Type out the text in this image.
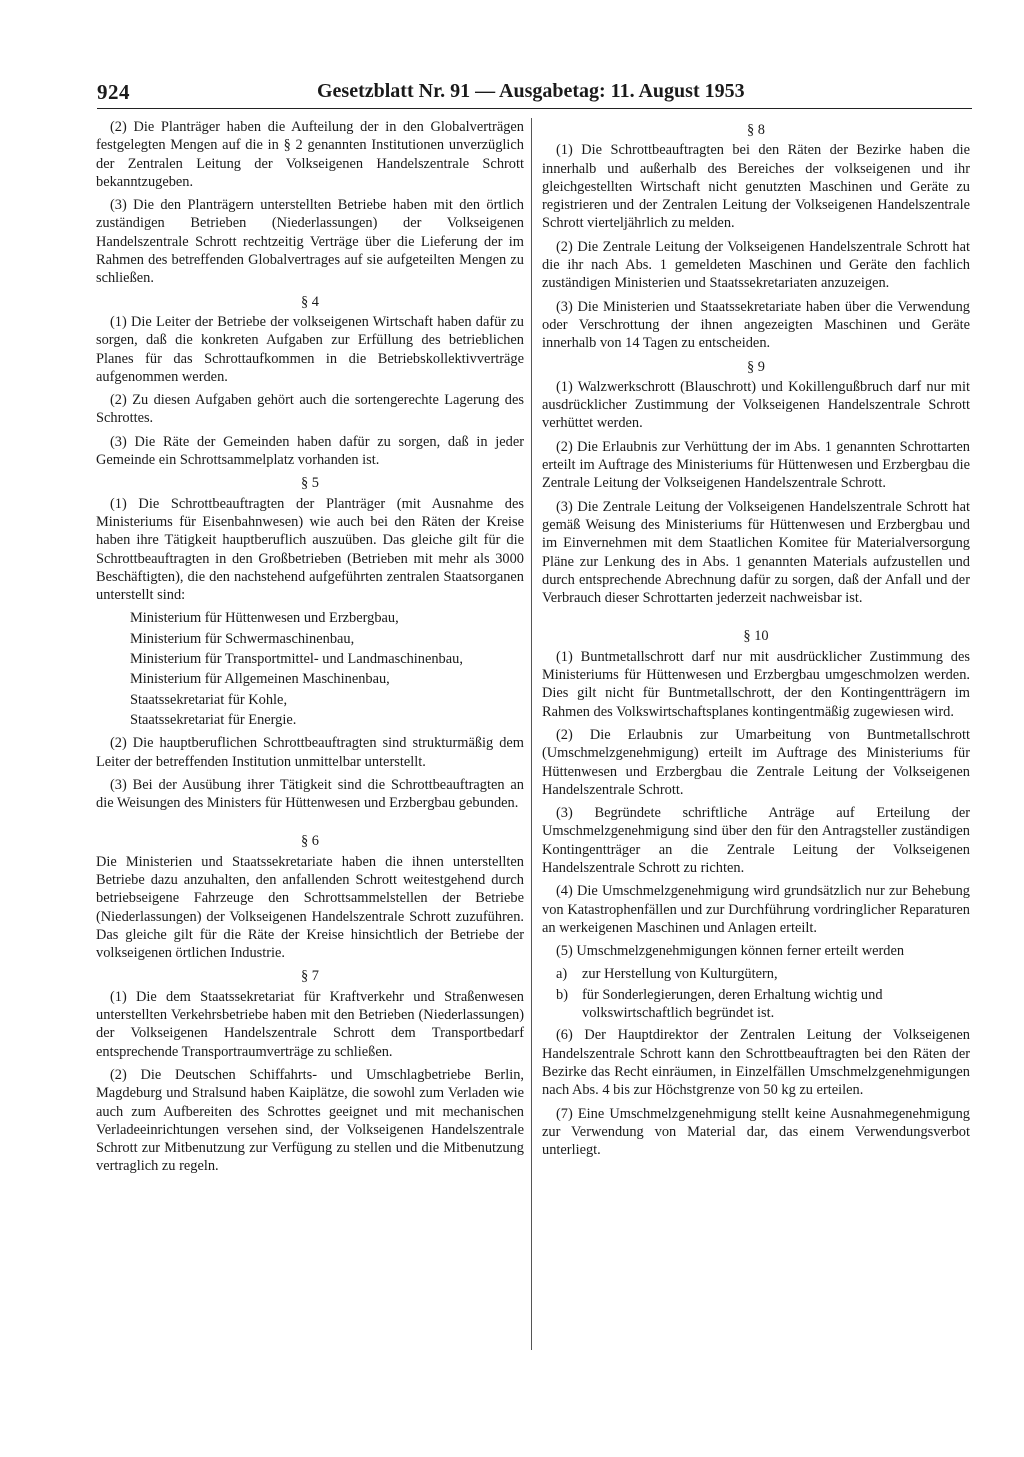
924	Gesetzblatt Nr. 91 — Ausgabetag: 11. August 1953

(2) Die Planträger haben die Aufteilung der in den Globalverträgen festgelegten Mengen auf die in § 2 genannten Institutionen unverzüglich der Zentralen Leitung der Volkseigenen Handelszentrale Schrott bekanntzugeben.

(3) Die den Planträgern unterstellten Betriebe haben mit den örtlich zuständigen Betrieben (Niederlassungen) der Volkseigenen Handelszentrale Schrott rechtzeitig Verträge über die Lieferung der im Rahmen des betreffenden Globalvertrages auf sie aufgeteilten Mengen zu schließen.

§ 4

(1) Die Leiter der Betriebe der volkseigenen Wirtschaft haben dafür zu sorgen, daß die konkreten Aufgaben zur Erfüllung des betrieblichen Planes für das Schrottaufkommen in die Betriebskollektivverträge aufgenommen werden.

(2) Zu diesen Aufgaben gehört auch die sortengerechte Lagerung des Schrottes.

(3) Die Räte der Gemeinden haben dafür zu sorgen, daß in jeder Gemeinde ein Schrottsammelplatz vorhanden ist.

§ 5

(1) Die Schrottbeauftragten der Planträger (mit Ausnahme des Ministeriums für Eisenbahnwesen) wie auch bei den Räten der Kreise haben ihre Tätigkeit hauptberuflich auszuüben. Das gleiche gilt für die Schrottbeauftragten in den Großbetrieben (Betrieben mit mehr als 3000 Beschäftigten), die den nachstehend aufgeführten zentralen Staatsorganen unterstellt sind:

Ministerium für Hüttenwesen und Erzbergbau,
Ministerium für Schwermaschinenbau,
Ministerium für Transportmittel- und Landmaschinenbau,
Ministerium für Allgemeinen Maschinenbau,
Staatssekretariat für Kohle,
Staatssekretariat für Energie.

(2) Die hauptberuflichen Schrottbeauftragten sind strukturmäßig dem Leiter der betreffenden Institution unmittelbar unterstellt.

(3) Bei der Ausübung ihrer Tätigkeit sind die Schrottbeauftragten an die Weisungen des Ministers für Hüttenwesen und Erzbergbau gebunden.

§ 6

Die Ministerien und Staatssekretariate haben die ihnen unterstellten Betriebe dazu anzuhalten, den anfallenden Schrott weitestgehend durch betriebseigene Fahrzeuge den Schrottsammelstellen der Betriebe (Niederlassungen) der Volkseigenen Handelszentrale Schrott zuzuführen. Das gleiche gilt für die Räte der Kreise hinsichtlich der Betriebe der volkseigenen örtlichen Industrie.

§ 7

(1) Die dem Staatssekretariat für Kraftverkehr und Straßenwesen unterstellten Verkehrsbetriebe haben mit den Betrieben (Niederlassungen) der Volkseigenen Handelszentrale Schrott dem Transportbedarf entsprechende Transportraumverträge zu schließen.

(2) Die Deutschen Schiffahrts- und Umschlagbetriebe Berlin, Magdeburg und Stralsund haben Kaiplätze, die sowohl zum Verladen wie auch zum Aufbereiten des Schrottes geeignet und mit mechanischen Verladeeinrichtungen versehen sind, der Volkseigenen Handelszentrale Schrott zur Mitbenutzung zur Verfügung zu stellen und die Mitbenutzung vertraglich zu regeln.

§ 8

(1) Die Schrottbeauftragten bei den Räten der Bezirke haben die innerhalb und außerhalb des Bereiches der volkseigenen und ihr gleichgestellten Wirtschaft nicht genutzten Maschinen und Geräte zu registrieren und der Zentralen Leitung der Volkseigenen Handelszentrale Schrott vierteljährlich zu melden.

(2) Die Zentrale Leitung der Volkseigenen Handelszentrale Schrott hat die ihr nach Abs. 1 gemeldeten Maschinen und Geräte den fachlich zuständigen Ministerien und Staatssekretariaten anzuzeigen.

(3) Die Ministerien und Staatssekretariate haben über die Verwendung oder Verschrottung der ihnen angezeigten Maschinen und Geräte innerhalb von 14 Tagen zu entscheiden.

§ 9

(1) Walzwerkschrott (Blauschrott) und Kokillengußbruch darf nur mit ausdrücklicher Zustimmung der Volkseigenen Handelszentrale Schrott verhüttet werden.

(2) Die Erlaubnis zur Verhüttung der im Abs. 1 genannten Schrottarten erteilt im Auftrage des Ministeriums für Hüttenwesen und Erzbergbau die Zentrale Leitung der Volkseigenen Handelszentrale Schrott.

(3) Die Zentrale Leitung der Volkseigenen Handelszentrale Schrott hat gemäß Weisung des Ministeriums für Hüttenwesen und Erzbergbau und im Einvernehmen mit dem Staatlichen Komitee für Materialversorgung Pläne zur Lenkung des in Abs. 1 genannten Materials aufzustellen und durch entsprechende Abrechnung dafür zu sorgen, daß der Anfall und der Verbrauch dieser Schrottarten jederzeit nachweisbar ist.

§ 10

(1) Buntmetallschrott darf nur mit ausdrücklicher Zustimmung des Ministeriums für Hüttenwesen und Erzbergbau umgeschmolzen werden. Dies gilt nicht für Buntmetallschrott, der den Kontingentträgern im Rahmen des Volkswirtschaftsplanes kontingentmäßig zugewiesen wird.

(2) Die Erlaubnis zur Umarbeitung von Buntmetallschrott (Umschmelzgenehmigung) erteilt im Auftrage des Ministeriums für Hüttenwesen und Erzbergbau die Zentrale Leitung der Volkseigenen Handelszentrale Schrott.

(3) Begründete schriftliche Anträge auf Erteilung der Umschmelzgenehmigung sind über den für den Antragsteller zuständigen Kontingentträger an die Zentrale Leitung der Volkseigenen Handelszentrale Schrott zu richten.

(4) Die Umschmelzgenehmigung wird grundsätzlich nur zur Behebung von Katastrophenfällen und zur Durchführung vordringlicher Reparaturen an werkeigenen Maschinen und Anlagen erteilt.

(5) Umschmelzgenehmigungen können ferner erteilt werden

a) zur Herstellung von Kulturgütern,
b) für Sonderlegierungen, deren Erhaltung wichtig und volkswirtschaftlich begründet ist.

(6) Der Hauptdirektor der Zentralen Leitung der Volkseigenen Handelszentrale Schrott kann den Schrottbeauftragten bei den Räten der Bezirke das Recht einräumen, in Einzelfällen Umschmelzgenehmigungen nach Abs. 4 bis zur Höchstgrenze von 50 kg zu erteilen.

(7) Eine Umschmelzgenehmigung stellt keine Ausnahmegenehmigung zur Verwendung von Material dar, das einem Verwendungsverbot unterliegt.
